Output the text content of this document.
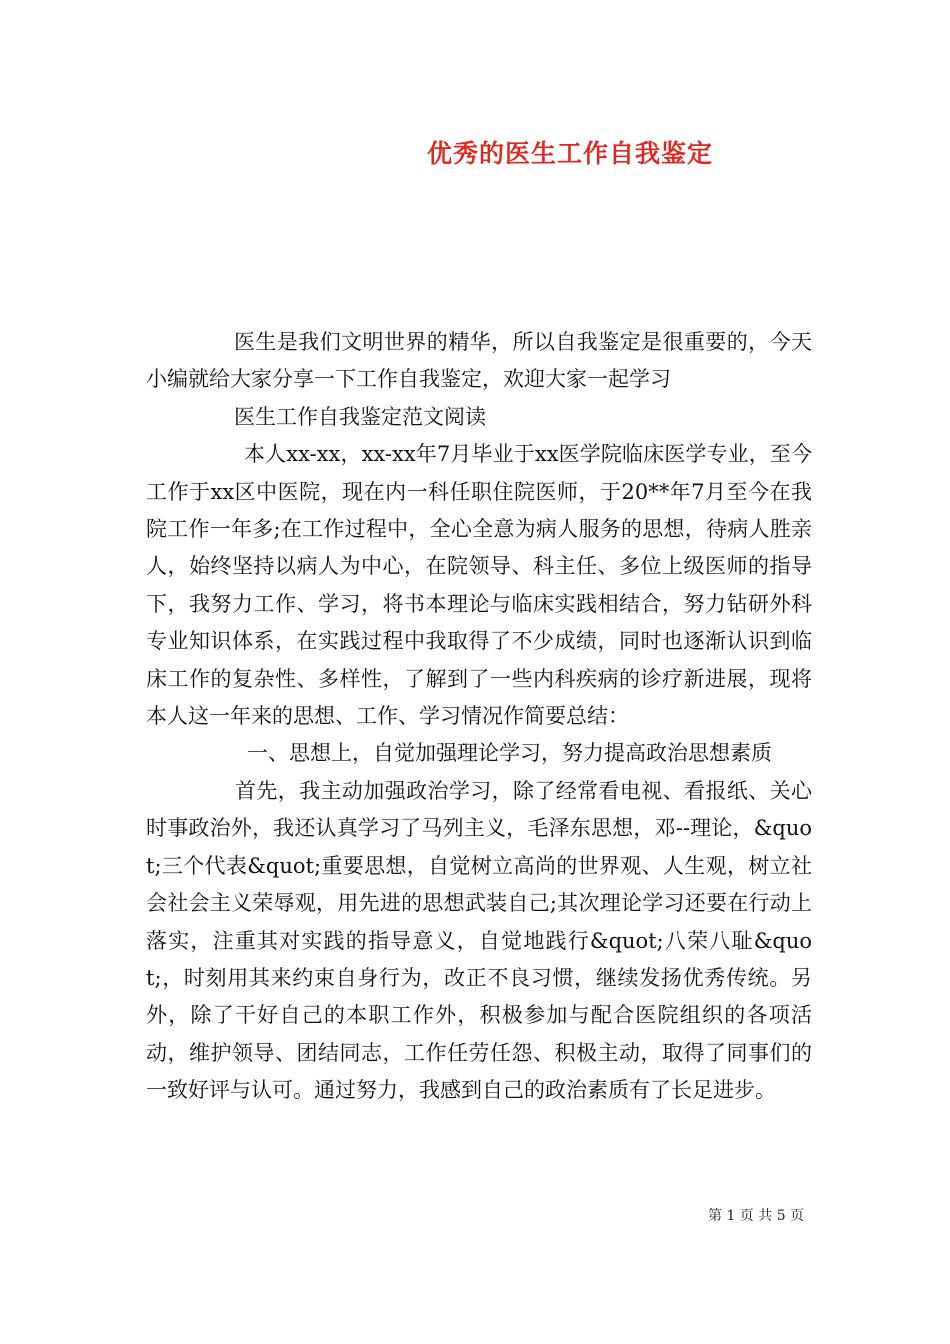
优秀的医生工作自我鉴定

医生是我们文明世界的精华，所以自我鉴定是很重要的，今天小编就给大家分享一下工作自我鉴定，欢迎大家一起学习

医生工作自我鉴定范文阅读

本人xx-xx，xx-xx年7月毕业于xx医学院临床医学专业，至今工作于xx区中医院，现在内一科任职住院医师，于20**年7月至今在我院工作一年多;在工作过程中，全心全意为病人服务的思想，待病人胜亲人，始终坚持以病人为中心，在院领导、科主任、多位上级医师的指导下，我努力工作、学习，将书本理论与临床实践相结合，努力钻研外科专业知识体系，在实践过程中我取得了不少成绩，同时也逐渐认识到临床工作的复杂性、多样性，了解到了一些内科疾病的诊疗新进展，现将本人这一年来的思想、工作、学习情况作简要总结：

一、思想上，自觉加强理论学习，努力提高政治思想素质

首先，我主动加强政治学习，除了经常看电视、看报纸、关心时事政治外，我还认真学习了马列主义，毛泽东思想，邓--理论，&quot;三个代表&quot;重要思想，自觉树立高尚的世界观、人生观，树立社会社会主义荣辱观，用先进的思想武装自己;其次理论学习还要在行动上落实，注重其对实践的指导意义，自觉地践行&quot;八荣八耻&quot;，时刻用其来约束自身行为，改正不良习惯，继续发扬优秀传统。另外，除了干好自己的本职工作外，积极参加与配合医院组织的各项活动，维护领导、团结同志，工作任劳任怨、积极主动，取得了同事们的一致好评与认可。通过努力，我感到自己的政治素质有了长足进步。

第 1 页 共 5 页
